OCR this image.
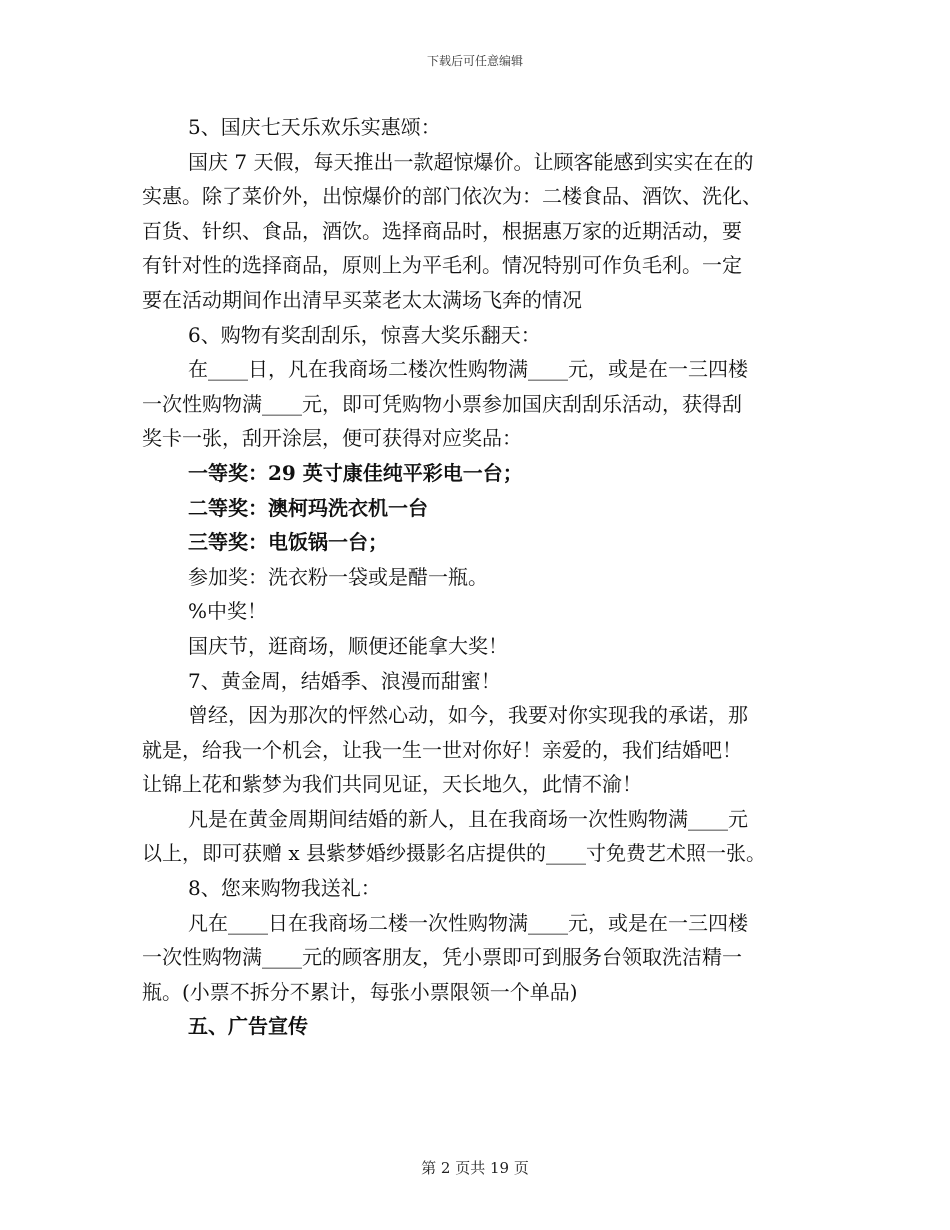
下载后可任意编辑
5、国庆七天乐欢乐实惠颂：
国庆 7 天假，每天推出一款超惊爆价。让顾客能感到实实在在的
实惠。除了菜价外，出惊爆价的部门依次为：二楼食品、酒饮、洗化、
百货、针织、食品，酒饮。选择商品时，根据惠万家的近期活动，要
有针对性的选择商品，原则上为平毛利。情况特别可作负毛利。一定
要在活动期间作出清早买菜老太太满场飞奔的情况
6、购物有奖刮刮乐，惊喜大奖乐翻天：
在____日，凡在我商场二楼次性购物满____元，或是在一三四楼
一次性购物满____元，即可凭购物小票参加国庆刮刮乐活动，获得刮
奖卡一张，刮开涂层，便可获得对应奖品：
一等奖：29 英寸康佳纯平彩电一台；
二等奖：澳柯玛洗衣机一台
三等奖：电饭锅一台；
参加奖：洗衣粉一袋或是醋一瓶。
%中奖！
国庆节，逛商场，顺便还能拿大奖！
7、黄金周，结婚季、浪漫而甜蜜！
曾经，因为那次的怦然心动，如今，我要对你实现我的承诺，那
就是，给我一个机会，让我一生一世对你好！亲爱的，我们结婚吧！
让锦上花和紫梦为我们共同见证，天长地久，此情不渝！
凡是在黄金周期间结婚的新人，且在我商场一次性购物满____元
以上，即可获赠 x 县紫梦婚纱摄影名店提供的____寸免费艺术照一张。
8、您来购物我送礼：
凡在____日在我商场二楼一次性购物满____元，或是在一三四楼
一次性购物满____元的顾客朋友，凭小票即可到服务台领取洗洁精一
瓶。(小票不拆分不累计，每张小票限领一个单品)
五、广告宣传
第 2 页共 19 页
